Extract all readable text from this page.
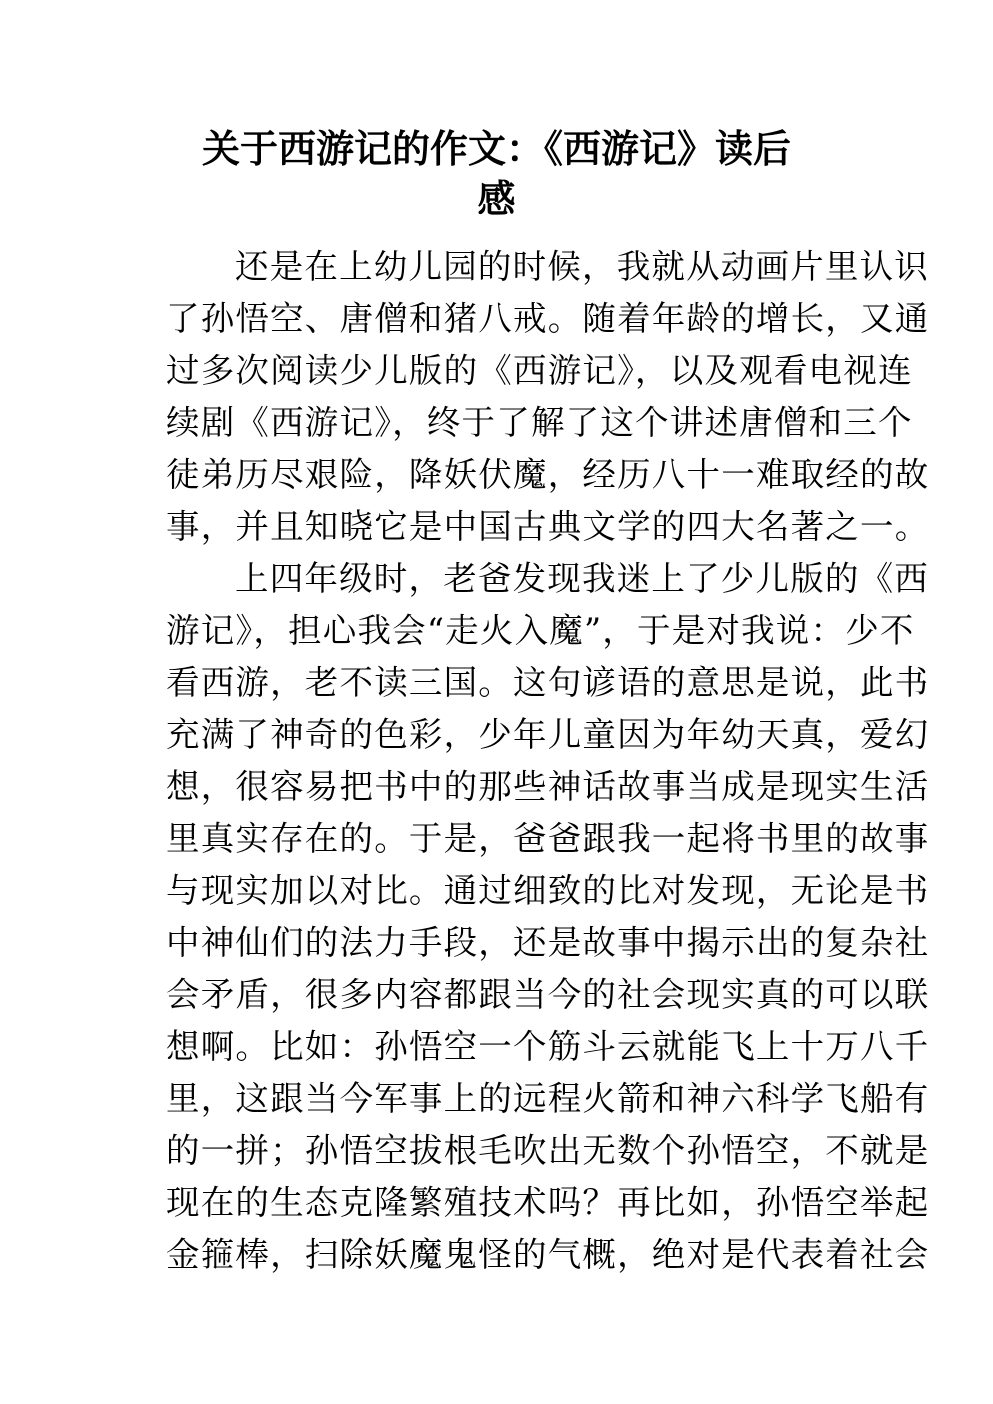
关于西游记的作文：《西游记》读后
感
还是在上幼儿园的时候，我就从动画片里认识
了孙悟空、唐僧和猪八戒。随着年龄的增长，又通
过多次阅读少儿版的《西游记》，以及观看电视连
续剧《西游记》，终于了解了这个讲述唐僧和三个
徒弟历尽艰险，降妖伏魔，经历八十一难取经的故
事，并且知晓它是中国古典文学的四大名著之一。
上四年级时，老爸发现我迷上了少儿版的《西
游记》，担心我会“走火入魔”，于是对我说：少不
看西游，老不读三国。这句谚语的意思是说，此书
充满了神奇的色彩，少年儿童因为年幼天真，爱幻
想，很容易把书中的那些神话故事当成是现实生活
里真实存在的。于是，爸爸跟我一起将书里的故事
与现实加以对比。通过细致的比对发现，无论是书
中神仙们的法力手段，还是故事中揭示出的复杂社
会矛盾，很多内容都跟当今的社会现实真的可以联
想啊。比如：孙悟空一个筋斗云就能飞上十万八千
里，这跟当今军事上的远程火箭和神六科学飞船有
的一拼；孙悟空拔根毛吹出无数个孙悟空，不就是
现在的生态克隆繁殖技术吗？再比如，孙悟空举起
金箍棒，扫除妖魔鬼怪的气概，绝对是代表着社会
